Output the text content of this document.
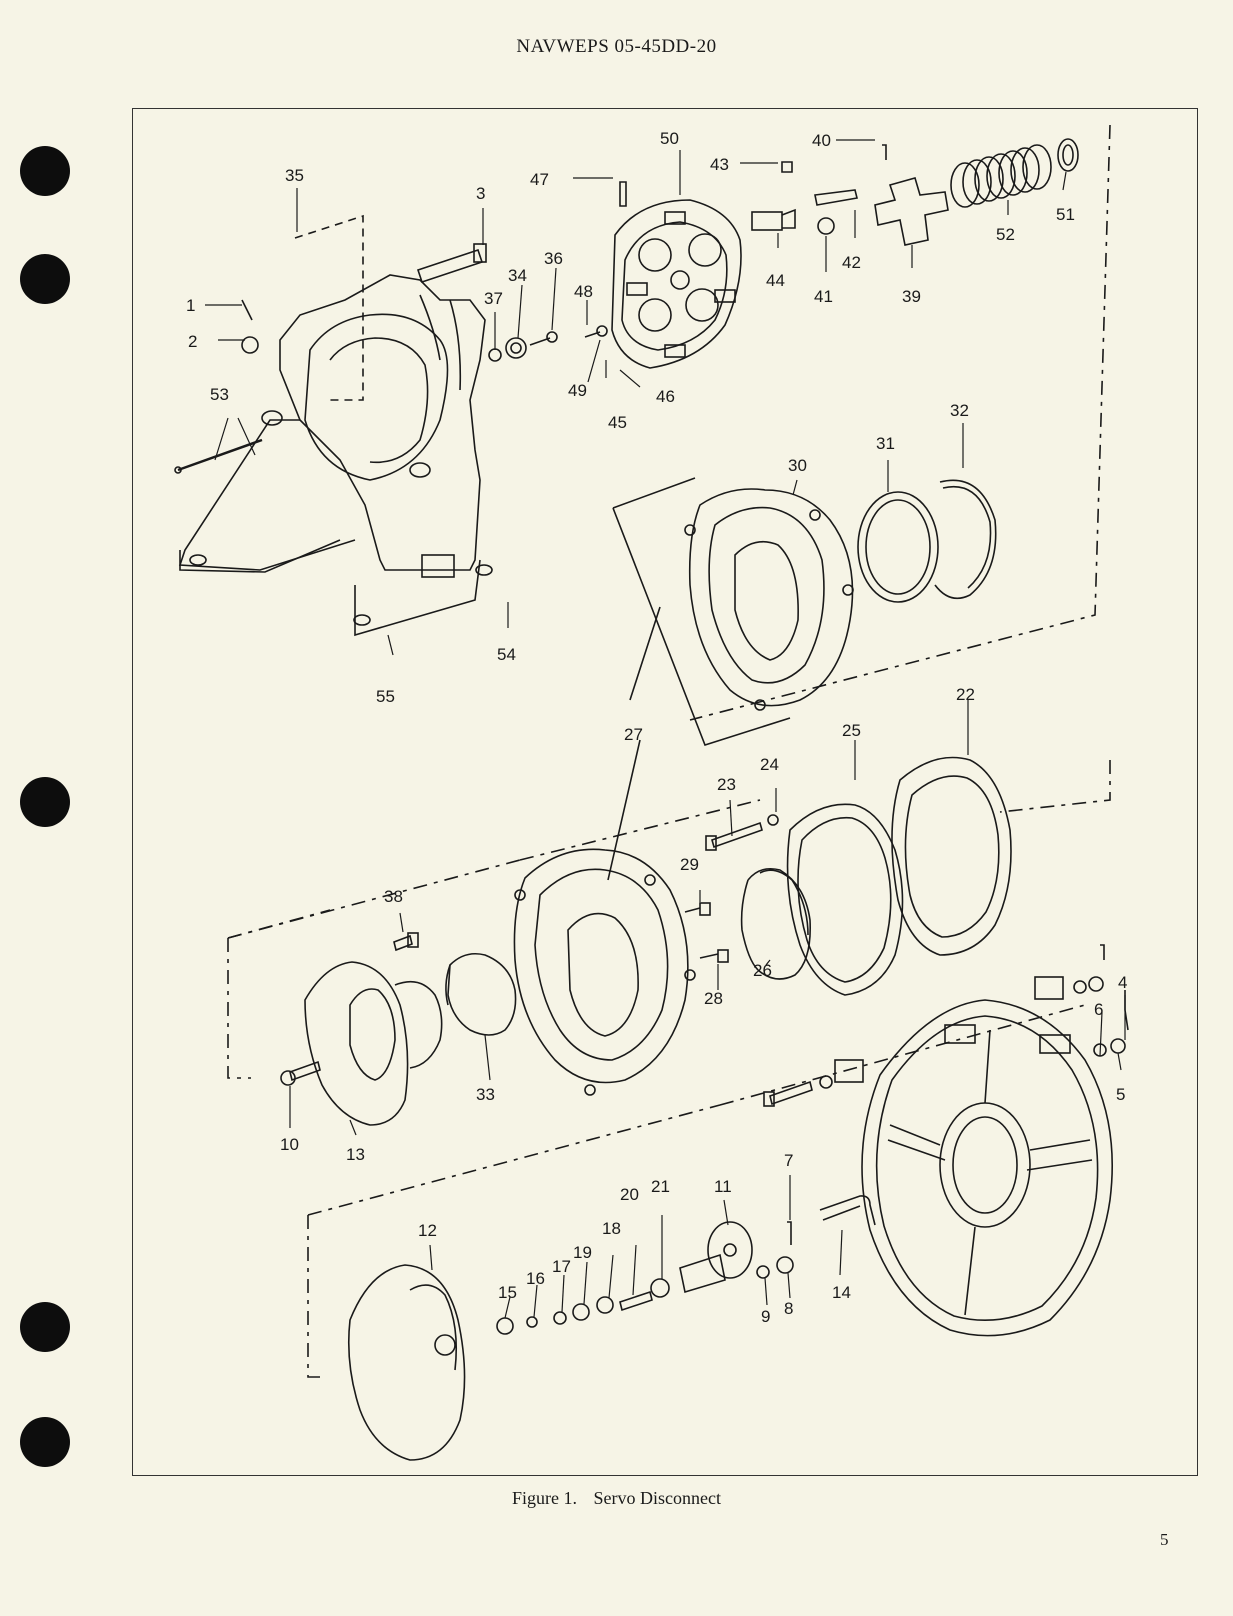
NAVWEPS 05-45DD-20
1
2
3
4
5
6
7
8
9
10
11
12
13
14
15
16
17
18
19
20 21
22
23
24
25
26
27
28
29
30
31
32
33
34
35
36
37
38
39
40
41
42
43
44
45
46
47
48
49
50
51
52
53
54
55
Figure 1. Servo Disconnect
5
